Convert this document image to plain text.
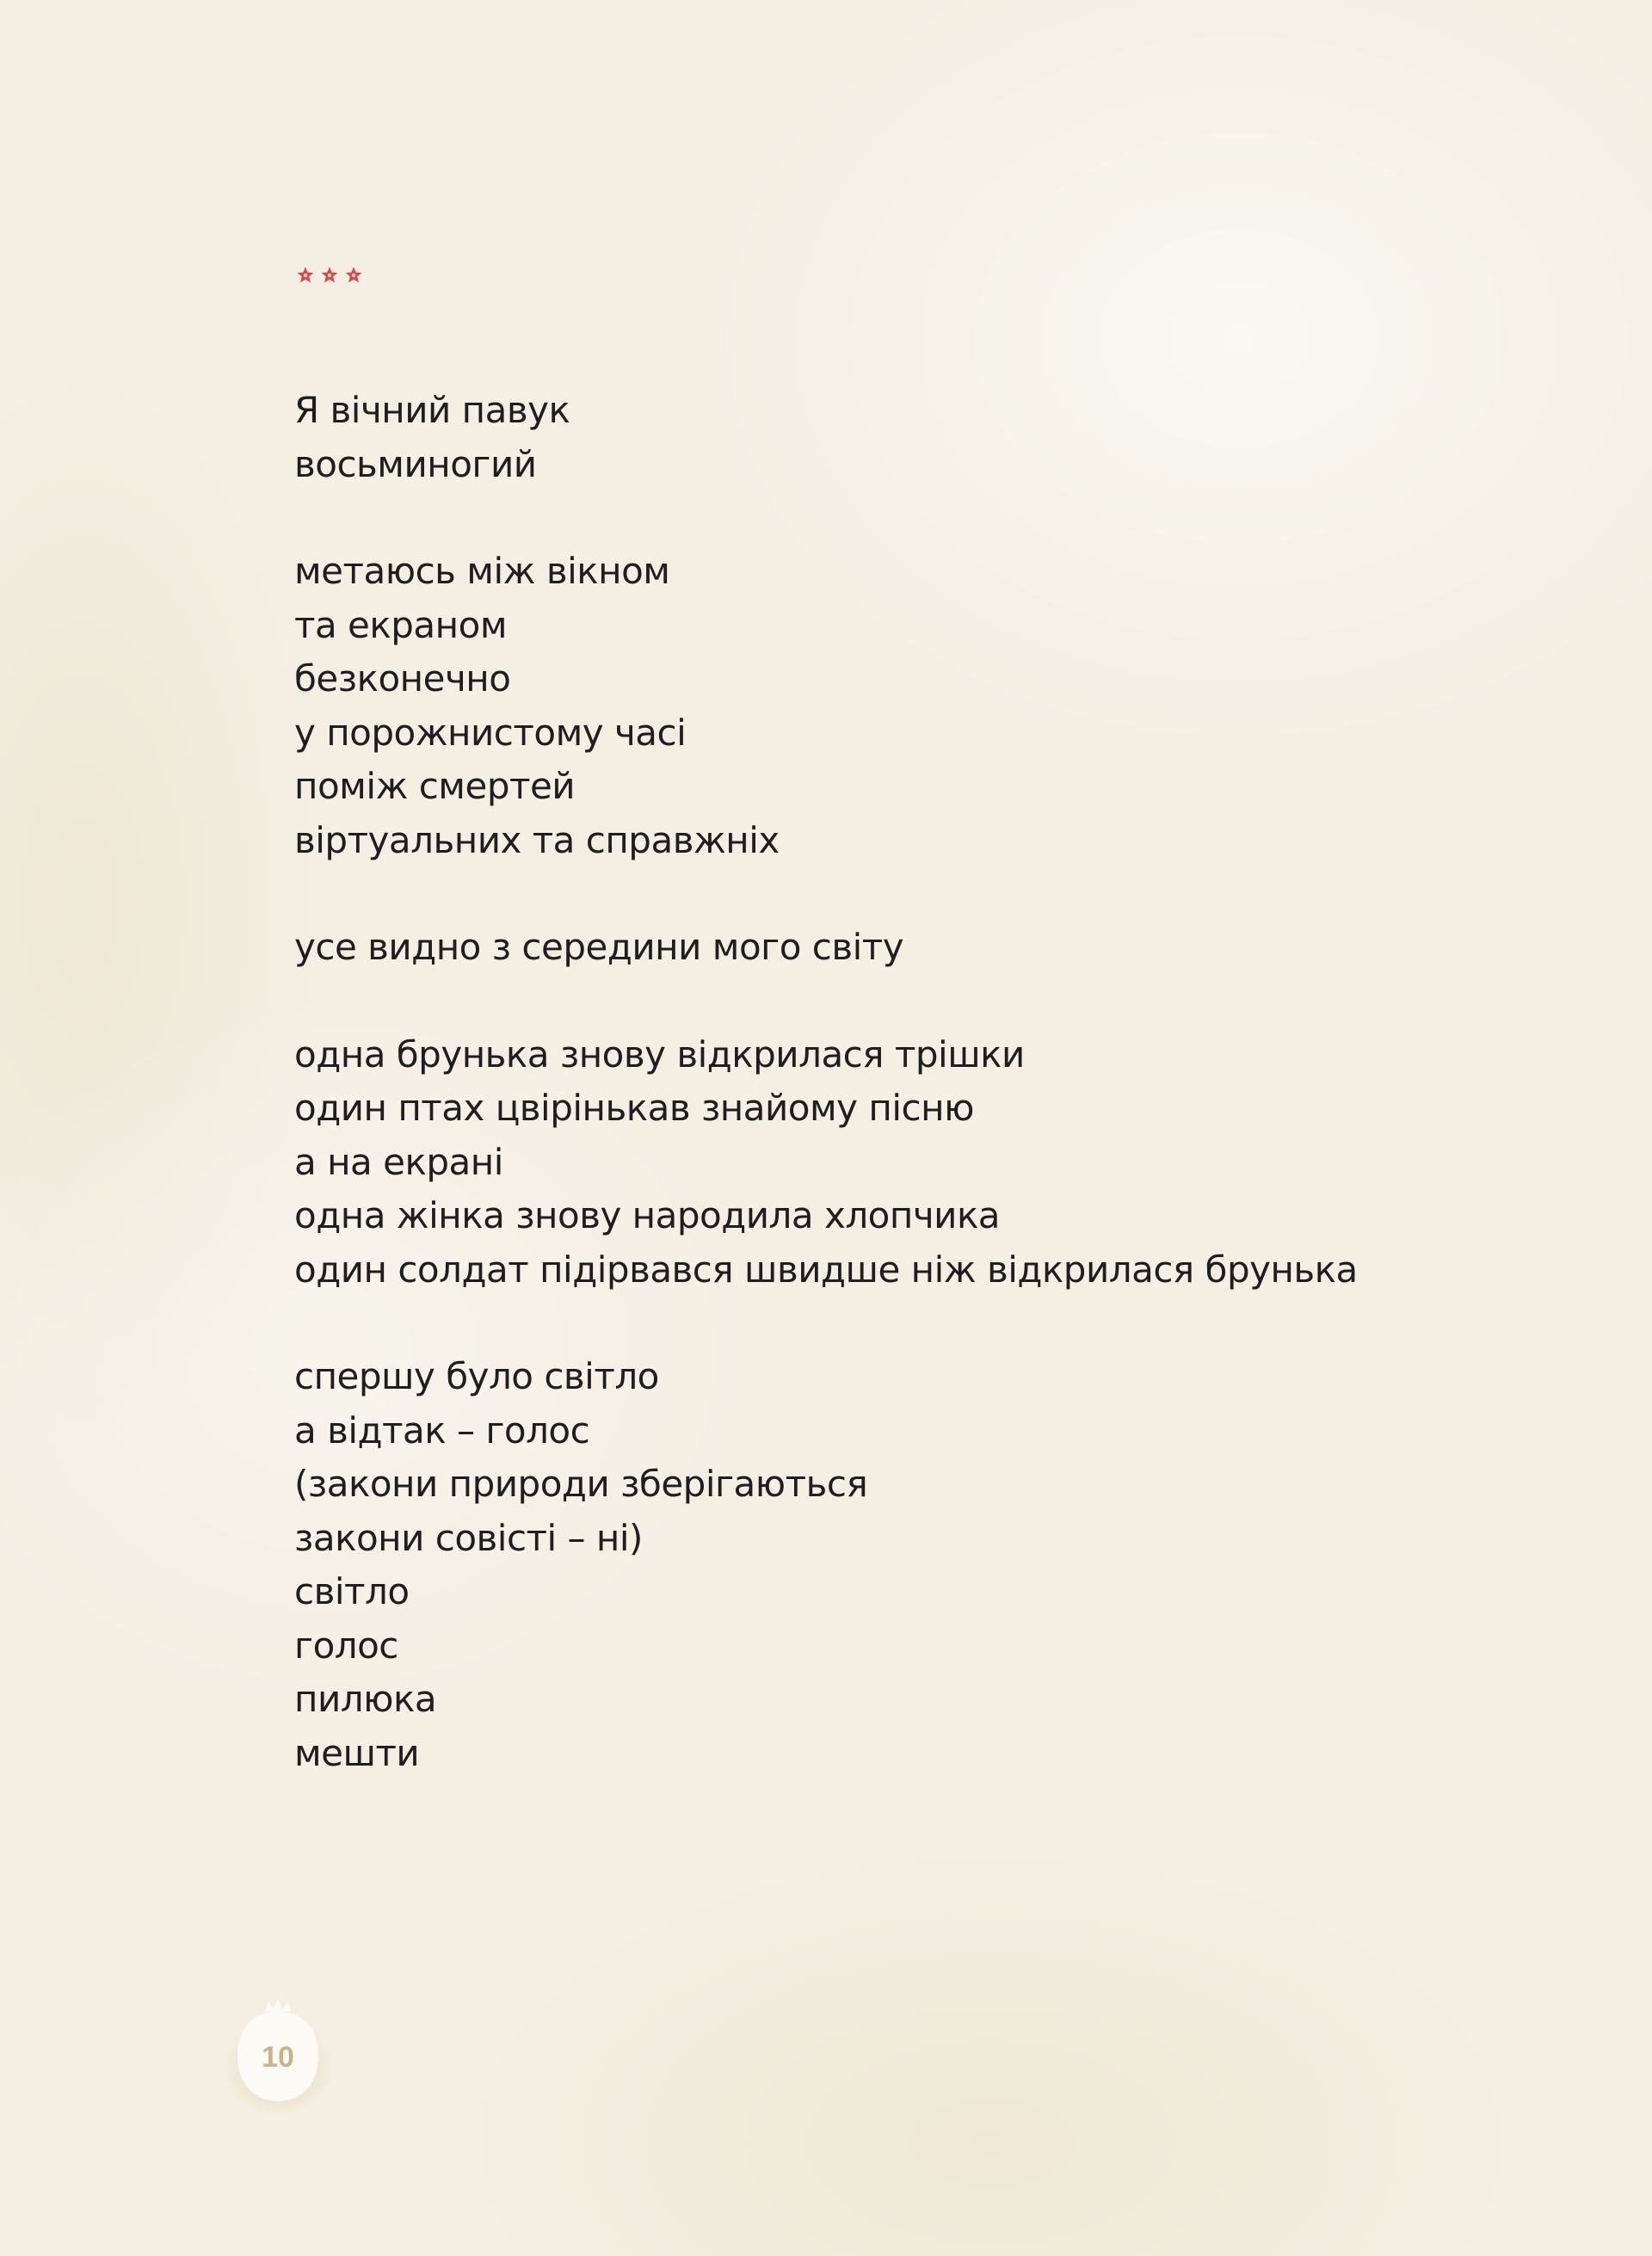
Я вічний павук
восьминогий
метаюсь між вікном
та екраном
безконечно
у порожнистому часі
поміж смертей
віртуальних та справжніх
усе видно з середини мого світу
одна брунька знову відкрилася трішки
один птах цвірінькав знайому пісню
а на екрані
одна жінка знову народила хлопчика
один солдат підірвався швидше ніж відкрилася брунька
спершу було світло
а відтак – голос
(закони природи зберігаються
закони совісті – ні)
світло
голос
пилюка
мешти
10
